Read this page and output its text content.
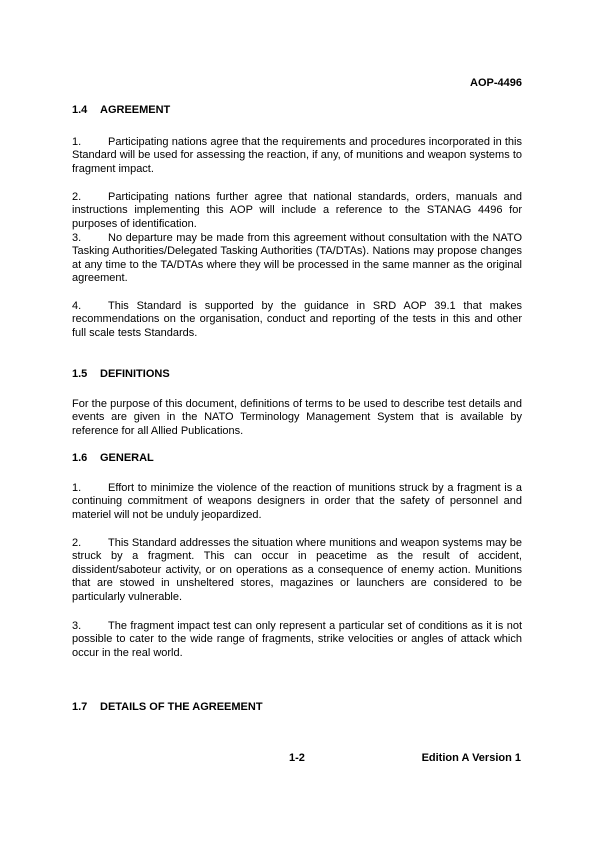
AOP-4496
1.4 AGREEMENT
1. Participating nations agree that the requirements and procedures incorporated in this Standard will be used for assessing the reaction, if any, of munitions and weapon systems to fragment impact.
2. Participating nations further agree that national standards, orders, manuals and instructions implementing this AOP will include a reference to the STANAG 4496 for purposes of identification.
3. No departure may be made from this agreement without consultation with the NATO Tasking Authorities/Delegated Tasking Authorities (TA/DTAs). Nations may propose changes at any time to the TA/DTAs where they will be processed in the same manner as the original agreement.
4. This Standard is supported by the guidance in SRD AOP 39.1 that makes recommendations on the organisation, conduct and reporting of the tests in this and other full scale tests Standards.
1.5 DEFINITIONS
For the purpose of this document, definitions of terms to be used to describe test details and events are given in the NATO Terminology Management System that is available by reference for all Allied Publications.
1.6 GENERAL
1. Effort to minimize the violence of the reaction of munitions struck by a fragment is a continuing commitment of weapons designers in order that the safety of personnel and materiel will not be unduly jeopardized.
2. This Standard addresses the situation where munitions and weapon systems may be struck by a fragment. This can occur in peacetime as the result of accident, dissident/saboteur activity, or on operations as a consequence of enemy action. Munitions that are stowed in unsheltered stores, magazines or launchers are considered to be particularly vulnerable.
3. The fragment impact test can only represent a particular set of conditions as it is not possible to cater to the wide range of fragments, strike velocities or angles of attack which occur in the real world.
1.7 DETAILS OF THE AGREEMENT
1-2	Edition A Version 1
